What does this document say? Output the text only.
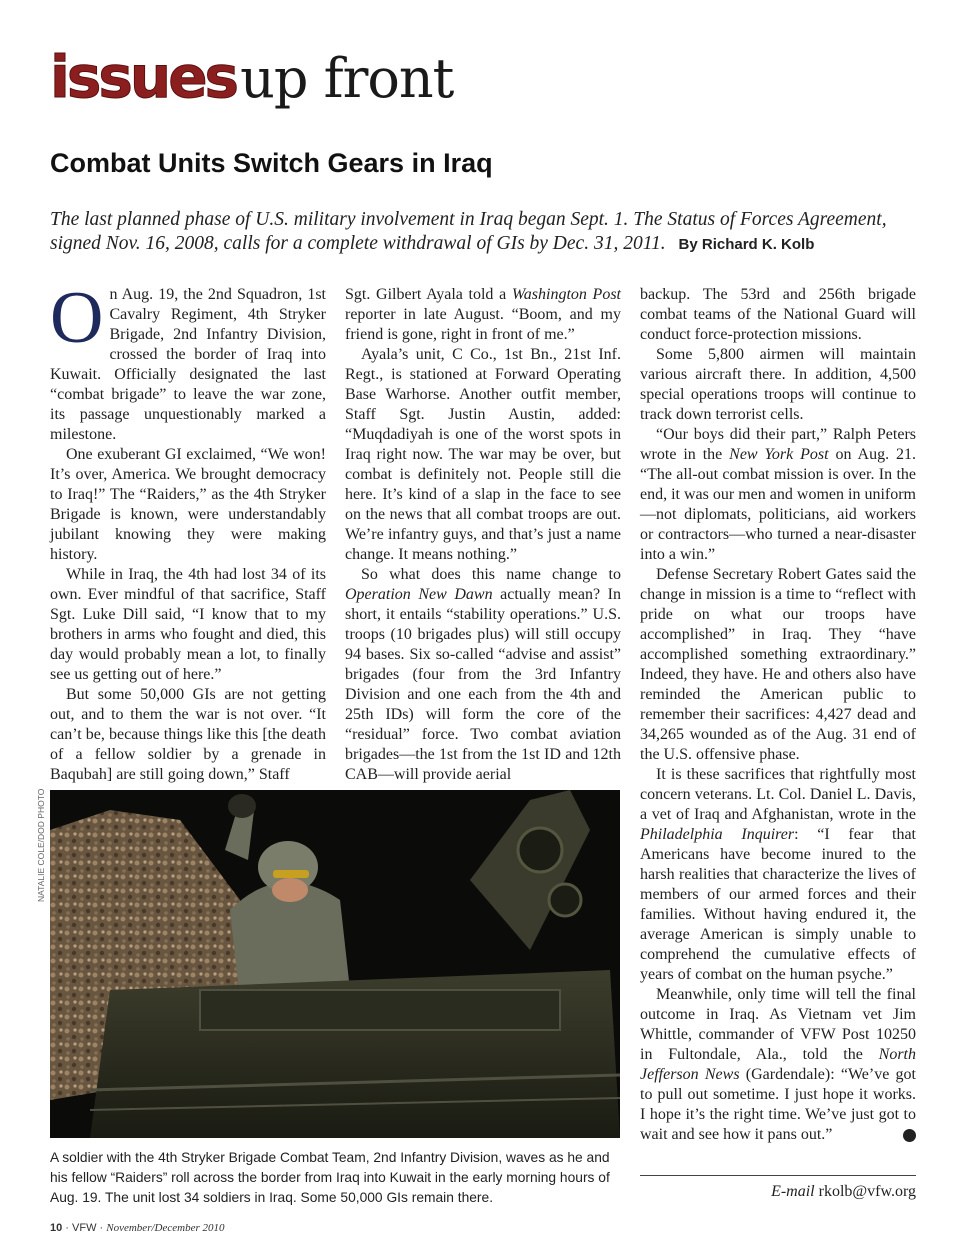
issues up front
Combat Units Switch Gears in Iraq
The last planned phase of U.S. military involvement in Iraq began Sept. 1. The Status of Forces Agreement, signed Nov. 16, 2008, calls for a complete withdrawal of GIs by Dec. 31, 2011. By Richard K. Kolb

On Aug. 19, the 2nd Squadron, 1st Cavalry Regiment, 4th Stryker Brigade, 2nd Infantry Division, crossed the border of Iraq into Kuwait. Officially designated the last “combat brigade” to leave the war zone, its passage unquestionably marked a milestone.

One exuberant GI exclaimed, “We won! It’s over, America. We brought democracy to Iraq!” The “Raiders,” as the 4th Stryker Brigade is known, were understandably jubilant knowing they were making history.

While in Iraq, the 4th had lost 34 of its own. Ever mindful of that sacrifice, Staff Sgt. Luke Dill said, “I know that to my brothers in arms who fought and died, this day would probably mean a lot, to finally see us getting out of here.”

But some 50,000 GIs are not getting out, and to them the war is not over. “It can’t be, because things like this [the death of a fellow soldier by a grenade in Baqubah] are still going down,” Staff

Sgt. Gilbert Ayala told a Washington Post reporter in late August. “Boom, and my friend is gone, right in front of me.”

Ayala’s unit, C Co., 1st Bn., 21st Inf. Regt., is stationed at Forward Operating Base Warhorse. Another outfit member, Staff Sgt. Justin Austin, added: “Muqdadiyah is one of the worst spots in Iraq right now. The war may be over, but combat is definitely not. People still die here. It’s kind of a slap in the face to see on the news that all combat troops are out. We’re infantry guys, and that’s just a name change. It means nothing.”

So what does this name change to Operation New Dawn actually mean? In short, it entails “stability operations.” U.S. troops (10 brigades plus) will still occupy 94 bases. Six so-called “advise and assist” brigades (four from the 3rd Infantry Division and one each from the 4th and 25th IDs) will form the core of the “residual” force. Two combat aviation brigades—the 1st from the 1st ID and 12th CAB—will provide aerial

backup. The 53rd and 256th brigade combat teams of the National Guard will conduct force-protection missions.

Some 5,800 airmen will maintain various aircraft there. In addition, 4,500 special operations troops will continue to track down terrorist cells.

“Our boys did their part,” Ralph Peters wrote in the New York Post on Aug. 21. “The all-out combat mission is over. In the end, it was our men and women in uniform—not diplomats, politicians, aid workers or contractors—who turned a near-disaster into a win.”

Defense Secretary Robert Gates said the change in mission is a time to “reflect with pride on what our troops have accomplished” in Iraq. They “have accomplished something extraordinary.” Indeed, they have. He and others also have reminded the American public to remember their sacrifices: 4,427 dead and 34,265 wounded as of the Aug. 31 end of the U.S. offensive phase.

It is these sacrifices that rightfully most concern veterans. Lt. Col. Daniel L. Davis, a vet of Iraq and Afghanistan, wrote in the Philadelphia Inquirer: “I fear that Americans have become inured to the harsh realities that characterize the lives of members of our armed forces and their families. Without having endured it, the average American is simply unable to comprehend the cumulative effects of years of combat on the human psyche.”

Meanwhile, only time will tell the final outcome in Iraq. As Vietnam vet Jim Whittle, commander of VFW Post 10250 in Fultondale, Ala., told the North Jefferson News (Gardendale): “We’ve got to pull out sometime. I just hope it works. I hope it’s the right time. We’ve just got to wait and see how it pans out.”	✪

NATALIE COLE/DOD PHOTO
A soldier with the 4th Stryker Brigade Combat Team, 2nd Infantry Division, waves as he and his fellow “Raiders” roll across the border from Iraq into Kuwait in the early morning hours of Aug. 19. The unit lost 34 soldiers in Iraq. Some 50,000 GIs remain there.	E-mail rkolb@vfw.org
10 · VFW · November/December 2010
